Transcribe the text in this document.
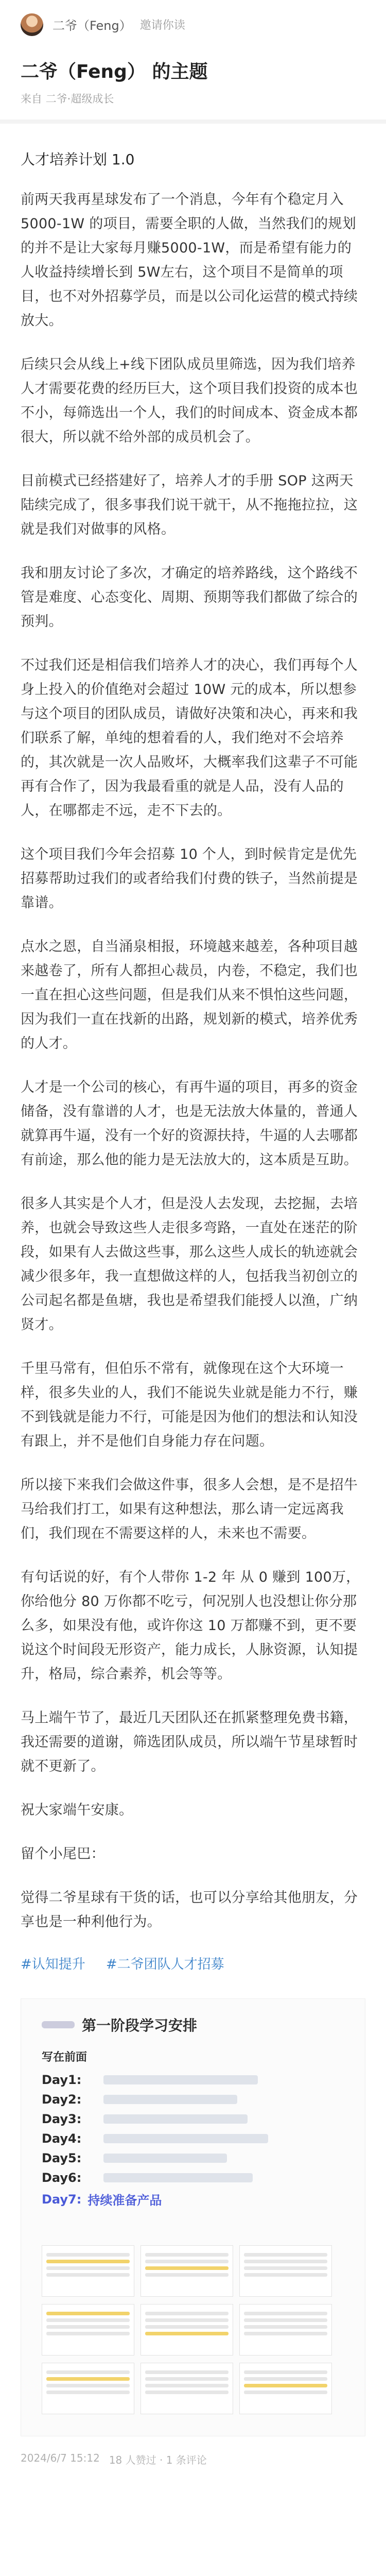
二爷（Feng） 邀请你读
二爷（Feng） 的主题
来自 二爷·超级成长
人才培养计划 1.0

前两天我再星球发布了一个消息，今年有个稳定月入 5000-1W 的项目，需要全职的人做，当然我们的规划的并不是让大家每月赚5000-1W，而是希望有能力的人收益持续增长到 5W左右，这个项目不是简单的项目，也不对外招募学员，而是以公司化运营的模式持续放大。

后续只会从线上+线下团队成员里筛选，因为我们培养人才需要花费的经历巨大，这个项目我们投资的成本也不小，每筛选出一个人，我们的时间成本、资金成本都很大，所以就不给外部的成员机会了。

目前模式已经搭建好了，培养人才的手册 SOP 这两天陆续完成了，很多事我们说干就干，从不拖拖拉拉，这就是我们对做事的风格。

我和朋友讨论了多次，才确定的培养路线，这个路线不管是难度、心态变化、周期、预期等我们都做了综合的预判。

不过我们还是相信我们培养人才的决心，我们再每个人身上投入的价值绝对会超过 10W 元的成本，所以想参与这个项目的团队成员，请做好决策和决心，再来和我们联系了解，单纯的想着看的人，我们绝对不会培养的，其次就是一次人品败坏，大概率我们这辈子不可能再有合作了，因为我最看重的就是人品，没有人品的人，在哪都走不远，走不下去的。

这个项目我们今年会招募 10 个人，到时候肯定是优先招募帮助过我们的或者给我们付费的铁子，当然前提是靠谱。

点水之恩，自当涌泉相报，环境越来越差，各种项目越来越卷了，所有人都担心裁员，内卷，不稳定，我们也一直在担心这些问题，但是我们从来不惧怕这些问题，因为我们一直在找新的出路，规划新的模式，培养优秀的人才。

人才是一个公司的核心，有再牛逼的项目，再多的资金储备，没有靠谱的人才，也是无法放大体量的，普通人就算再牛逼，没有一个好的资源扶持，牛逼的人去哪都有前途，那么他的能力是无法放大的，这本质是互助。

很多人其实是个人才，但是没人去发现，去挖掘，去培养，也就会导致这些人走很多弯路，一直处在迷茫的阶段，如果有人去做这些事，那么这些人成长的轨迹就会减少很多年，我一直想做这样的人，包括我当初创立的公司起名都是鱼塘，我也是希望我们能授人以渔，广纳贤才。

千里马常有，但伯乐不常有，就像现在这个大环境一样，很多失业的人，我们不能说失业就是能力不行，赚不到钱就是能力不行，可能是因为他们的想法和认知没有跟上，并不是他们自身能力存在问题。

所以接下来我们会做这件事，很多人会想，是不是招牛马给我们打工，如果有这种想法，那么请一定远离我们，我们现在不需要这样的人，未来也不需要。

有句话说的好，有个人带你 1-2 年 从 0 赚到 100万，你给他分 80 万你都不吃亏，何况别人也没想让你分那么多，如果没有他，或许你这 10 万都赚不到，更不要说这个时间段无形资产，能力成长，人脉资源，认知提升，格局，综合素养，机会等等。

马上端午节了，最近几天团队还在抓紧整理免费书籍，我还需要的道谢，筛选团队成员，所以端午节星球暂时就不更新了。

祝大家端午安康。

留个小尾巴：

觉得二爷星球有干货的话，也可以分享给其他朋友，分享也是一种利他行为。

#认知提升 #二爷团队人才招募
第一阶段学习安排
写在前面
Day1:
Day2:
Day3:
Day4:
Day5:
Day6:
Day7: 持续准备产品
2024/6/7 15:12 18 人赞过 · 1 条评论
